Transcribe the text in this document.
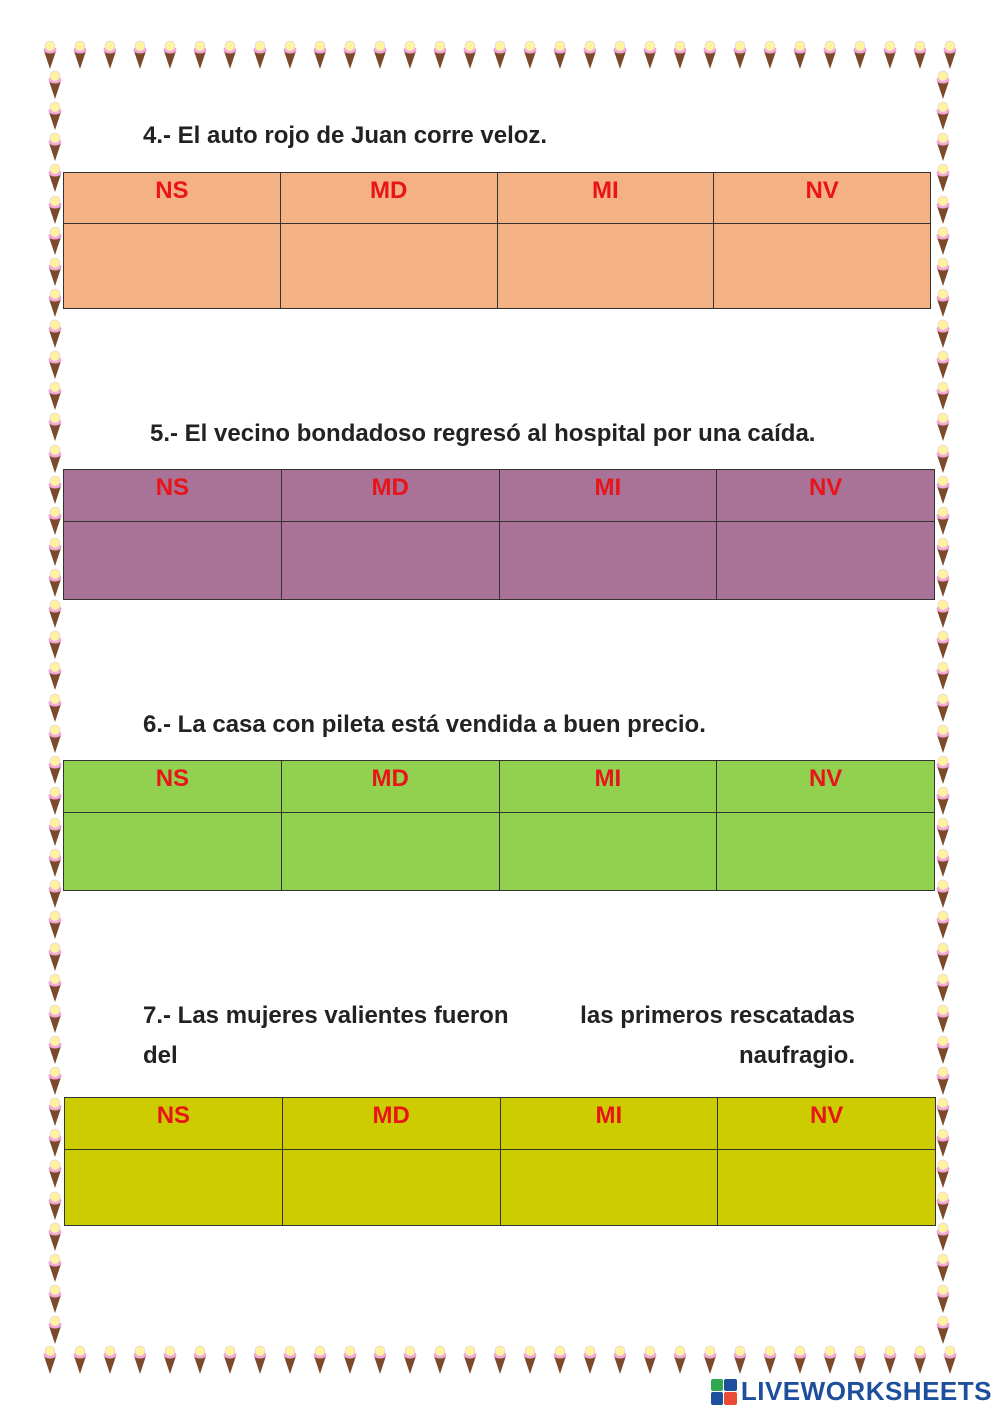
4.- El auto rojo de Juan corre veloz.

NS	MD	MI	NV

5.- El vecino bondadoso regresó al hospital por una caída.

NS	MD	MI	NV

6.- La casa con pileta está vendida a buen precio.

NS	MD	MI	NV

7.- Las mujeres valientes fueron	las primeros rescatadas
del	naufragio.
NS	MD	MI	NV

LIVEWORKSHEETS
